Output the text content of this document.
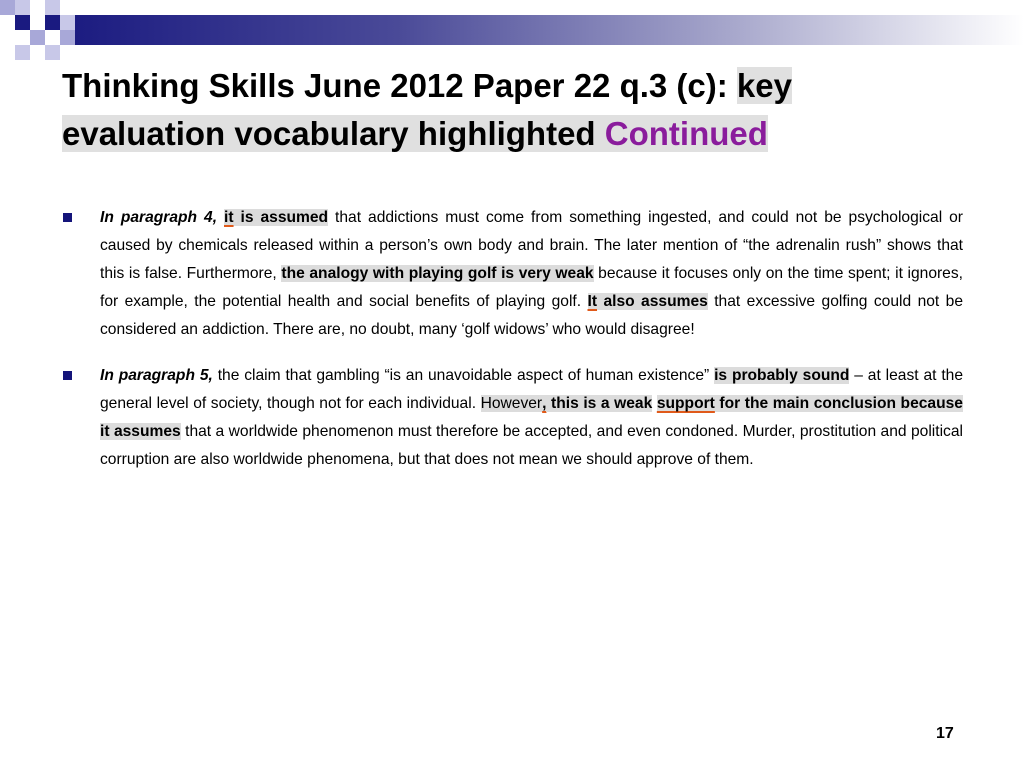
Thinking Skills June 2012 Paper 22 q.3 (c): key
evaluation vocabulary highlighted Continued
In paragraph 4, it is assumed that addictions must come from something ingested, and could not be psychological or caused by chemicals released within a person’s own body and brain. The later mention of “the adrenalin rush” shows that this is false. Furthermore, the analogy with playing golf is very weak because it focuses only on the time spent; it ignores, for example, the potential health and social benefits of playing golf. It also assumes that excessive golfing could not be considered an addiction. There are, no doubt, many ‘golf widows’ who would disagree!
In paragraph 5, the claim that gambling “is an unavoidable aspect of human existence” is probably sound – at least at the general level of society, though not for each individual. However, this is a weak support for the main conclusion because it assumes that a worldwide phenomenon must therefore be accepted, and even condoned. Murder, prostitution and political corruption are also worldwide phenomena, but that does not mean we should approve of them.
17
